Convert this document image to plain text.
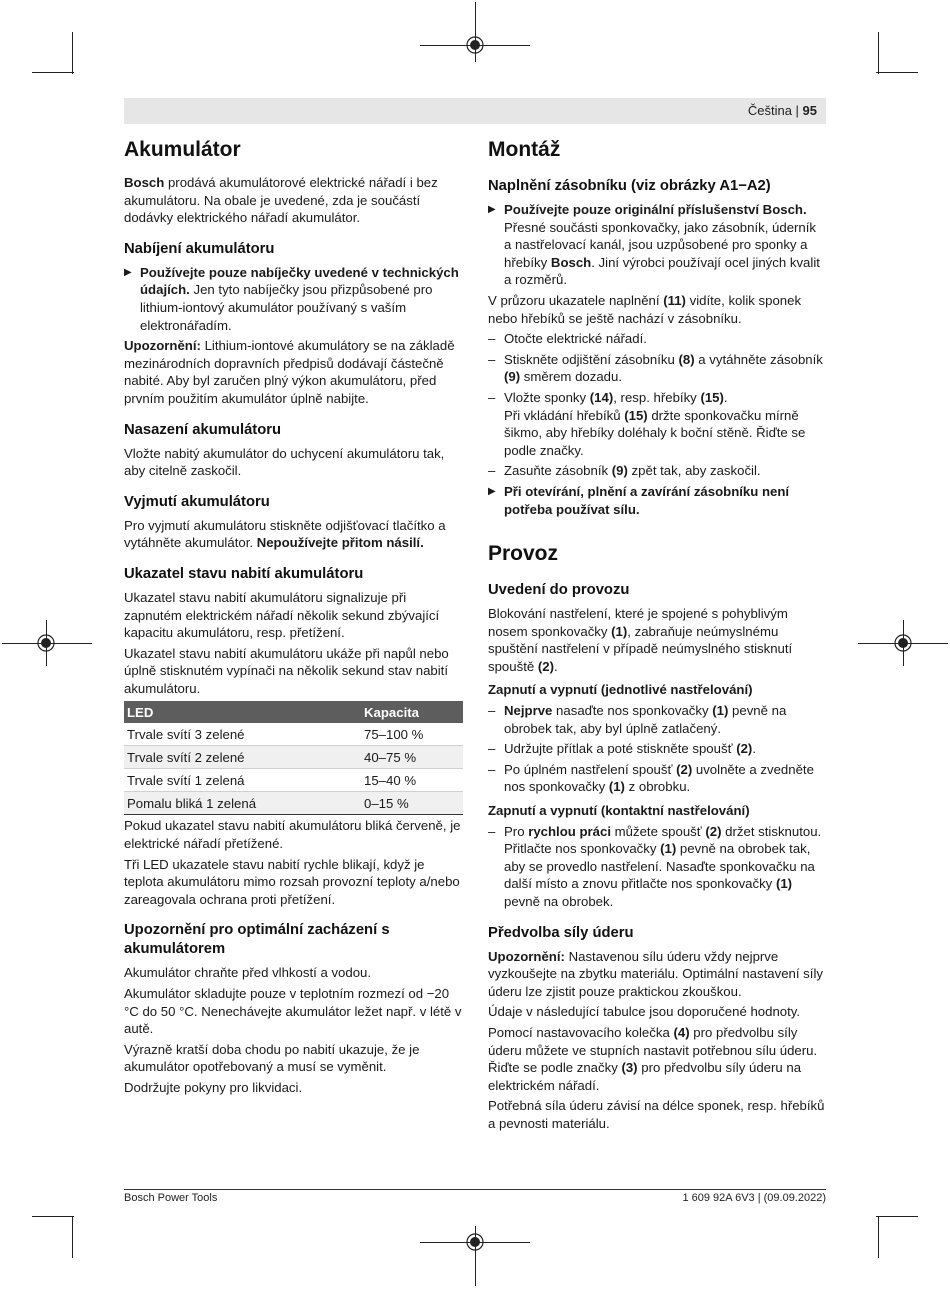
Čeština | 95
Akumulátor

Bosch prodává akumulátorové elektrické nářadí i bez akumulátoru. Na obale je uvedené, zda je součástí dodávky elektrického nářadí akumulátor.

Nabíjení akumulátoru
▶ Používejte pouze nabíječky uvedené v technických údajích. Jen tyto nabíječky jsou přizpůsobené pro lithium-iontový akumulátor používaný s vaším elektronářadím.

Upozornění: Lithium-iontové akumulátory se na základě mezinárodních dopravních předpisů dodávají částečně nabité. Aby byl zaručen plný výkon akumulátoru, před prvním použitím akumulátor úplně nabijte.

Nasazení akumulátoru

Vložte nabitý akumulátor do uchycení akumulátoru tak, aby citelně zaskočil.

Vyjmutí akumulátoru

Pro vyjmutí akumulátoru stiskněte odjišťovací tlačítko a vytáhněte akumulátor. Nepoužívejte přitom násilí.

Ukazatel stavu nabití akumulátoru

Ukazatel stavu nabití akumulátoru signalizuje při zapnutém elektrickém nářadí několik sekund zbývající kapacitu akumulátoru, resp. přetížení.

Ukazatel stavu nabití akumulátoru ukáže při napůl nebo úplně stisknutém vypínači na několik sekund stav nabití akumulátoru.

LED	Kapacita
Trvale svítí 3 zelené	75–100 %
Trvale svítí 2 zelené	40–75 %
Trvale svítí 1 zelená	15–40 %
Pomalu bliká 1 zelená	0–15 %

Pokud ukazatel stavu nabití akumulátoru bliká červeně, je elektrické nářadí přetížené.

Tři LED ukazatele stavu nabití rychle blikají, když je teplota akumulátoru mimo rozsah provozní teploty a/nebo zareagovala ochrana proti přetížení.

Upozornění pro optimální zacházení s akumulátorem

Akumulátor chraňte před vlhkostí a vodou.

Akumulátor skladujte pouze v teplotním rozmezí od −20 °C do 50 °C. Nenechávejte akumulátor ležet např. v létě v autě.

Výrazně kratší doba chodu po nabití ukazuje, že je akumulátor opotřebovaný a musí se vyměnit.

Dodržujte pokyny pro likvidaci.

Montáž
Naplnění zásobníku (viz obrázky A1−A2)
▶ Používejte pouze originální příslušenství Bosch. Přesné součásti sponkovačky, jako zásobník, úderník a nastřelovací kanál, jsou uzpůsobené pro sponky a hřebíky Bosch. Jiní výrobci používají ocel jiných kvalit a rozměrů.

V průzoru ukazatele naplnění (11) vidíte, kolik sponek nebo hřebíků se ještě nachází v zásobníku.

– Otočte elektrické nářadí.
– Stiskněte odjištění zásobníku (8) a vytáhněte zásobník (9) směrem dozadu.
– Vložte sponky (14), resp. hřebíky (15).
Při vkládání hřebíků (15) držte sponkovačku mírně šikmo, aby hřebíky doléhaly k boční stěně. Řiďte se podle značky.
– Zasuňte zásobník (9) zpět tak, aby zaskočil.
▶ Při otevírání, plnění a zavírání zásobníku není potřeba používat sílu.
Provoz
Uvedení do provozu

Blokování nastřelení, které je spojené s pohyblivým nosem sponkovačky (1), zabraňuje neúmyslnému spuštění nastřelení v případě neúmyslného stisknutí spouště (2).

Zapnutí a vypnutí (jednotlivé nastřelování)
– Nejprve nasaďte nos sponkovačky (1) pevně na obrobek tak, aby byl úplně zatlačený.
– Udržujte přítlak a poté stiskněte spoušť (2).
– Po úplném nastřelení spoušť (2) uvolněte a zvedněte nos sponkovačky (1) z obrobku.
Zapnutí a vypnutí (kontaktní nastřelování)
– Pro rychlou práci můžete spoušť (2) držet stisknutou. Přitlačte nos sponkovačky (1) pevně na obrobek tak, aby se provedlo nastřelení. Nasaďte sponkovačku na další místo a znovu přitlačte nos sponkovačky (1) pevně na obrobek.
Předvolba síly úderu

Upozornění: Nastavenou sílu úderu vždy nejprve vyzkoušejte na zbytku materiálu. Optimální nastavení síly úderu lze zjistit pouze praktickou zkouškou.

Údaje v následující tabulce jsou doporučené hodnoty.

Pomocí nastavovacího kolečka (4) pro předvolbu síly úderu můžete ve stupních nastavit potřebnou sílu úderu.
Řiďte se podle značky (3) pro předvolbu síly úderu na elektrickém nářadí.

Potřebná síla úderu závisí na délce sponek, resp. hřebíků a pevnosti materiálu.

Bosch Power Tools	1 609 92A 6V3 | (09.09.2022)
